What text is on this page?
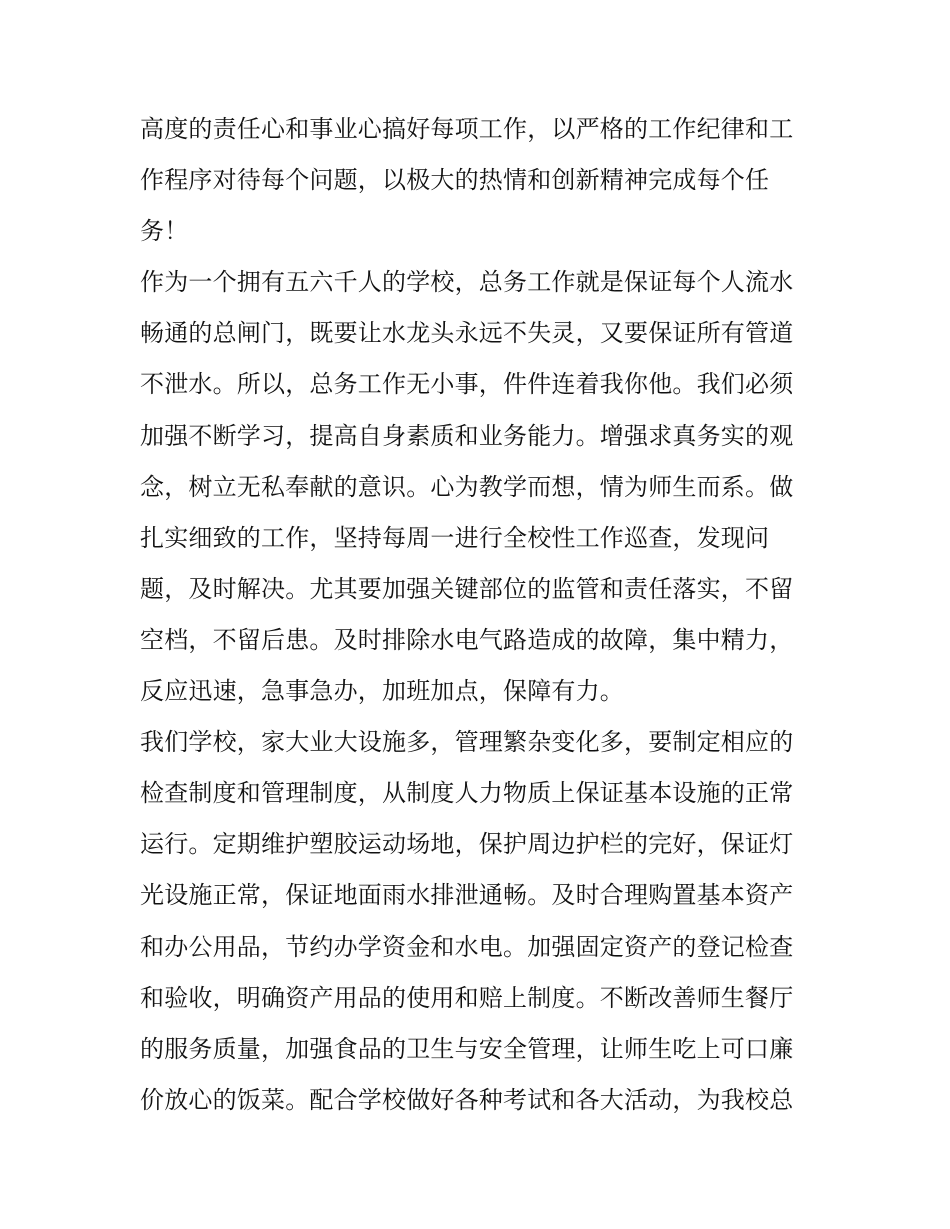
高度的责任心和事业心搞好每项工作，以严格的工作纪律和工
作程序对待每个问题，以极大的热情和创新精神完成每个任
务！
作为一个拥有五六千人的学校，总务工作就是保证每个人流水
畅通的总闸门，既要让水龙头永远不失灵，又要保证所有管道
不泄水。所以，总务工作无小事，件件连着我你他。我们必须
加强不断学习，提高自身素质和业务能力。增强求真务实的观
念，树立无私奉献的意识。心为教学而想，情为师生而系。做
扎实细致的工作，坚持每周一进行全校性工作巡查，发现问
题，及时解决。尤其要加强关键部位的监管和责任落实，不留
空档，不留后患。及时排除水电气路造成的故障，集中精力，
反应迅速，急事急办，加班加点，保障有力。
我们学校，家大业大设施多，管理繁杂变化多，要制定相应的
检查制度和管理制度，从制度人力物质上保证基本设施的正常
运行。定期维护塑胶运动场地，保护周边护栏的完好，保证灯
光设施正常，保证地面雨水排泄通畅。及时合理购置基本资产
和办公用品，节约办学资金和水电。加强固定资产的登记检查
和验收，明确资产用品的使用和赔上制度。不断改善师生餐厅
的服务质量，加强食品的卫生与安全管理，让师生吃上可口廉
价放心的饭菜。配合学校做好各种考试和各大活动，为我校总
